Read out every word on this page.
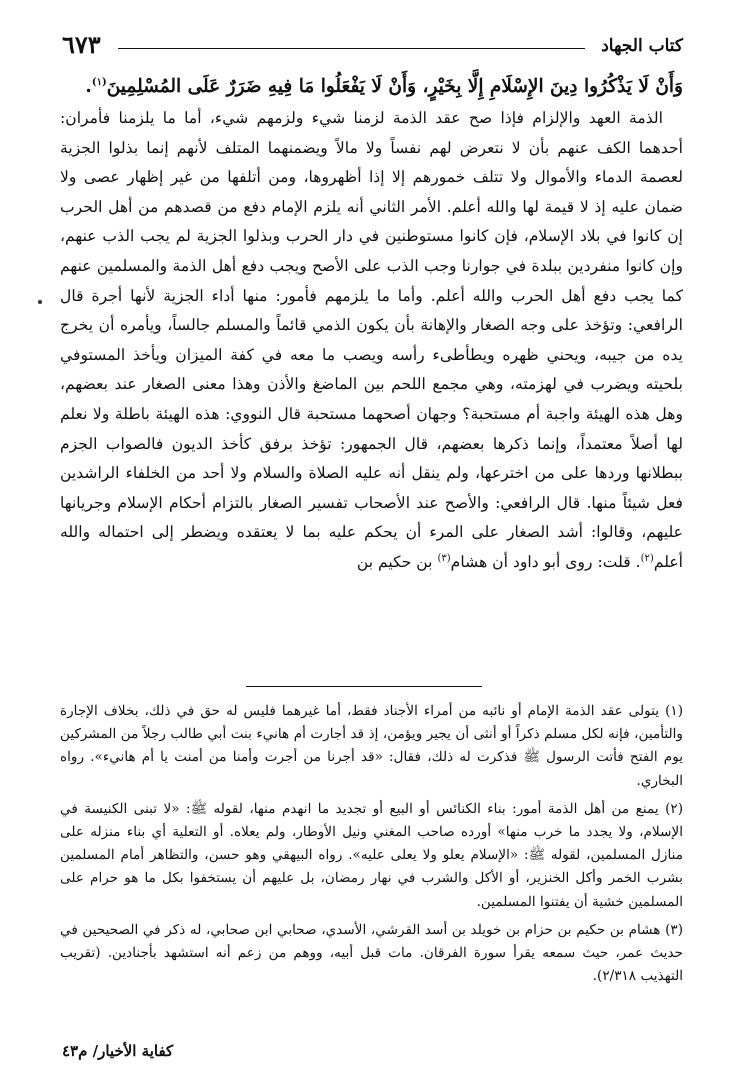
٦٧٣	كتاب الجهاد

وَأَنْ لَا يَذْكُرُوا دِينَ الإِسْلَامِ إِلَّا بِخَيْرٍ، وَأَنْ لَا يَفْعَلُوا مَا فِيهِ ضَرَرٌ عَلَى المُسْلِمِينَ$^{(١)}$.

الذمة العهد والإلزام فإذا صح عقد الذمة لزمنا شيء ولزمهم شيء، أما ما يلزمنا فأمران: أحدهما الكف عنهم بأن لا نتعرض لهم نفساً ولا مالاً ويضمنهما المتلف لأنهم إنما بذلوا الجزية لعصمة الدماء والأموال ولا تتلف خمورهم إلا إذا أظهروها، ومن أتلفها من غير إظهار عصى ولا ضمان عليه إذ لا قيمة لها والله أعلم. الأمر الثاني أنه يلزم الإمام دفع من قصدهم من أهل الحرب إن كانوا في بلاد الإسلام، فإن كانوا مستوطنين في دار الحرب وبذلوا الجزية لم يجب الذب عنهم، وإن كانوا منفردين ببلدة في جوارنا وجب الذب على الأصح ويجب دفع أهل الذمة والمسلمين عنهم كما يجب دفع أهل الحرب والله أعلم. وأما ما يلزمهم فأمور: منها أداء الجزية لأنها أجرة قال الرافعي: وتؤخذ على وجه الصغار والإهانة بأن يكون الذمي قائماً والمسلم جالساً، ويأمره أن يخرج يده من جيبه، ويحني ظهره ويطأطىء رأسه ويصب ما معه في كفة الميزان ويأخذ المستوفي بلحيته ويضرب في لهزمته، وهي مجمع اللحم بين الماضغ والأذن وهذا معنى الصغار عند بعضهم، وهل هذه الهيئة واجبة أم مستحبة؟ وجهان أصحهما مستحبة قال النووي: هذه الهيئة باطلة ولا نعلم لها أصلاً معتمداً، وإنما ذكرها بعضهم، قال الجمهور: تؤخذ برفق كأخذ الديون فالصواب الجزم ببطلانها وردها على من اخترعها، ولم ينقل أنه عليه الصلاة والسلام ولا أحد من الخلفاء الراشدين فعل شيئاً منها. قال الرافعي: والأصح عند الأصحاب تفسير الصغار بالتزام أحكام الإسلام وجريانها عليهم، وقالوا: أشد الصغار على المرء أن يحكم عليه بما لا يعتقده ويضطر إلى احتماله والله أعلم$^{(٢)}$. قلت: روى أبو داود أن هشام$^{(٣)}$ بن حكيم بن

(١) يتولى عقد الذمة الإمام أو نائبه من أمراء الأجناد فقط، أما غيرهما فليس له حق في ذلك، بخلاف الإجارة والتأمين، فإنه لكل مسلم ذكراً أو أنثى أن يجير ويؤمن، إذ قد أجارت أم هانيء بنت أبي طالب رجلاً من المشركين يوم الفتح فأتت الرسول ﷺ فذكرت له ذلك، فقال: «قد أجرنا من أجرت وأمنا من أمنت يا أم هانيء». رواه البخاري.

(٢) يمنع من أهل الذمة أمور: بناء الكنائس أو البيع أو تجديد ما انهدم منها، لقوله ﷺ: «لا تبنى الكنيسة في الإسلام، ولا يجدد ما خرب منها» أورده صاحب المغني ونيل الأوطار، ولم يعلاه. أو التعلية أي بناء منزله على منازل المسلمين، لقوله ﷺ: «الإسلام يعلو ولا يعلى عليه». رواه البيهقي وهو حسن، والتظاهر أمام المسلمين بشرب الخمر وأكل الخنزير، أو الأكل والشرب في نهار رمضان، بل عليهم أن يستخفوا بكل ما هو حرام على المسلمين خشية أن يفتنوا المسلمين.

(٣) هشام بن حكيم بن حزام بن خويلد بن أسد القرشي، الأسدي، صحابي ابن صحابي، له ذكر في الصحيحين في حديث عمر، حيث سمعه يقرأ سورة الفرقان. مات قبل أبيه، ووهم من زعم أنه استشهد بأجنادين. (تقريب التهذيب ٢/٣١٨).

كفاية الأخيار/ م٤٣
